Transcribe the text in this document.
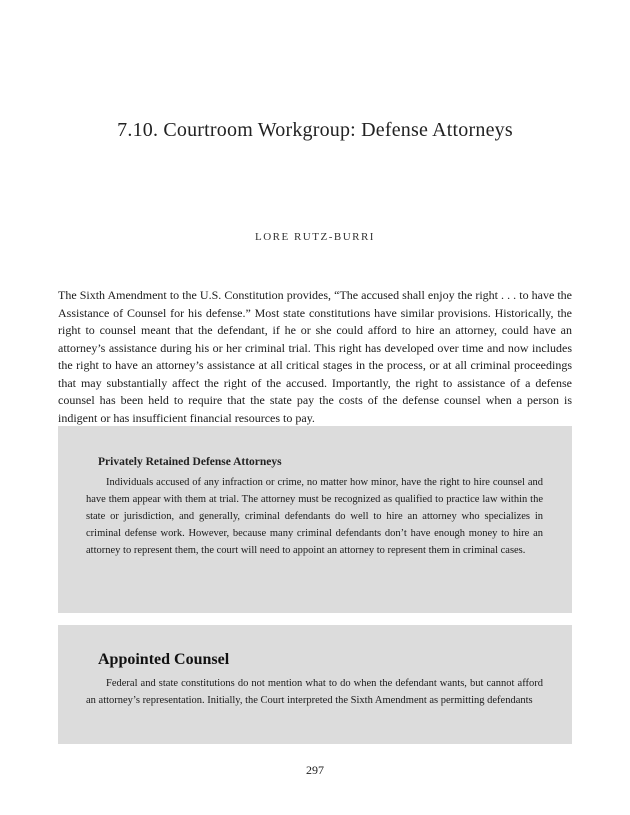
7.10. Courtroom Workgroup: Defense Attorneys
LORE RUTZ-BURRI

The Sixth Amendment to the U.S. Constitution provides, “The accused shall enjoy the right . . . to have the Assistance of Counsel for his defense.” Most state constitutions have similar provisions. Historically, the right to counsel meant that the defendant, if he or she could afford to hire an attorney, could have an attorney’s assistance during his or her criminal trial. This right has developed over time and now includes the right to have an attorney’s assistance at all critical stages in the process, or at all criminal proceedings that may substantially affect the right of the accused. Importantly, the right to assistance of a defense counsel has been held to require that the state pay the costs of the defense counsel when a person is indigent or has insufficient financial resources to pay.

Privately Retained Defense Attorneys

Individuals accused of any infraction or crime, no matter how minor, have the right to hire counsel and have them appear with them at trial. The attorney must be recognized as qualified to practice law within the state or jurisdiction, and generally, criminal defendants do well to hire an attorney who specializes in criminal defense work. However, because many criminal defendants don’t have enough money to hire an attorney to represent them, the court will need to appoint an attorney to represent them in criminal cases.

Appointed Counsel

Federal and state constitutions do not mention what to do when the defendant wants, but cannot afford an attorney’s representation. Initially, the Court interpreted the Sixth Amendment as permitting defendants

297
